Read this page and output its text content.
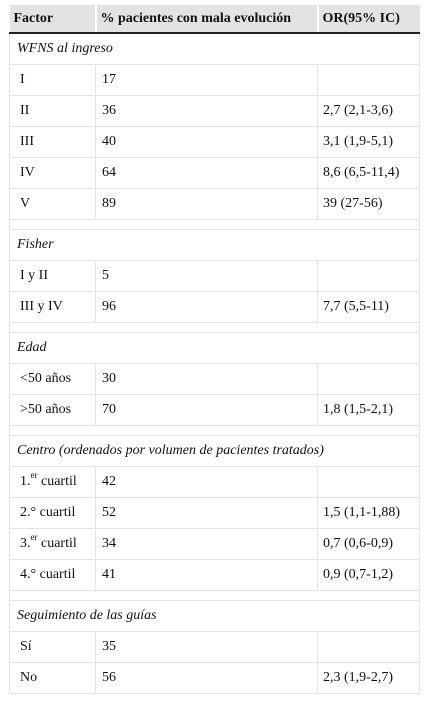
Factor	% pacientes con mala evolución	OR(95% IC)
WFNS al ingreso		
I	17	
II	36	2,7 (2,1-3,6)
III	40	3,1 (1,9-5,1)
IV	64	8,6 (6,5-11,4)
V	89	39 (27-56)

Fisher		
I y II	5	
III y IV	96	7,7 (5,5-11)

Edad		
<50 años	30	
>50 años	70	1,8 (1,5-2,1)

Centro (ordenados por volumen de pacientes tratados)		
1.$^{er}$ cuartil	42	
2.° cuartil	52	1,5 (1,1-1,88)
3.$^{er}$ cuartil	34	0,7 (0,6-0,9)
4.° cuartil	41	0,9 (0,7-1,2)

Seguimiento de las guías		
Sí	35	
No	56	2,3 (1,9-2,7)
